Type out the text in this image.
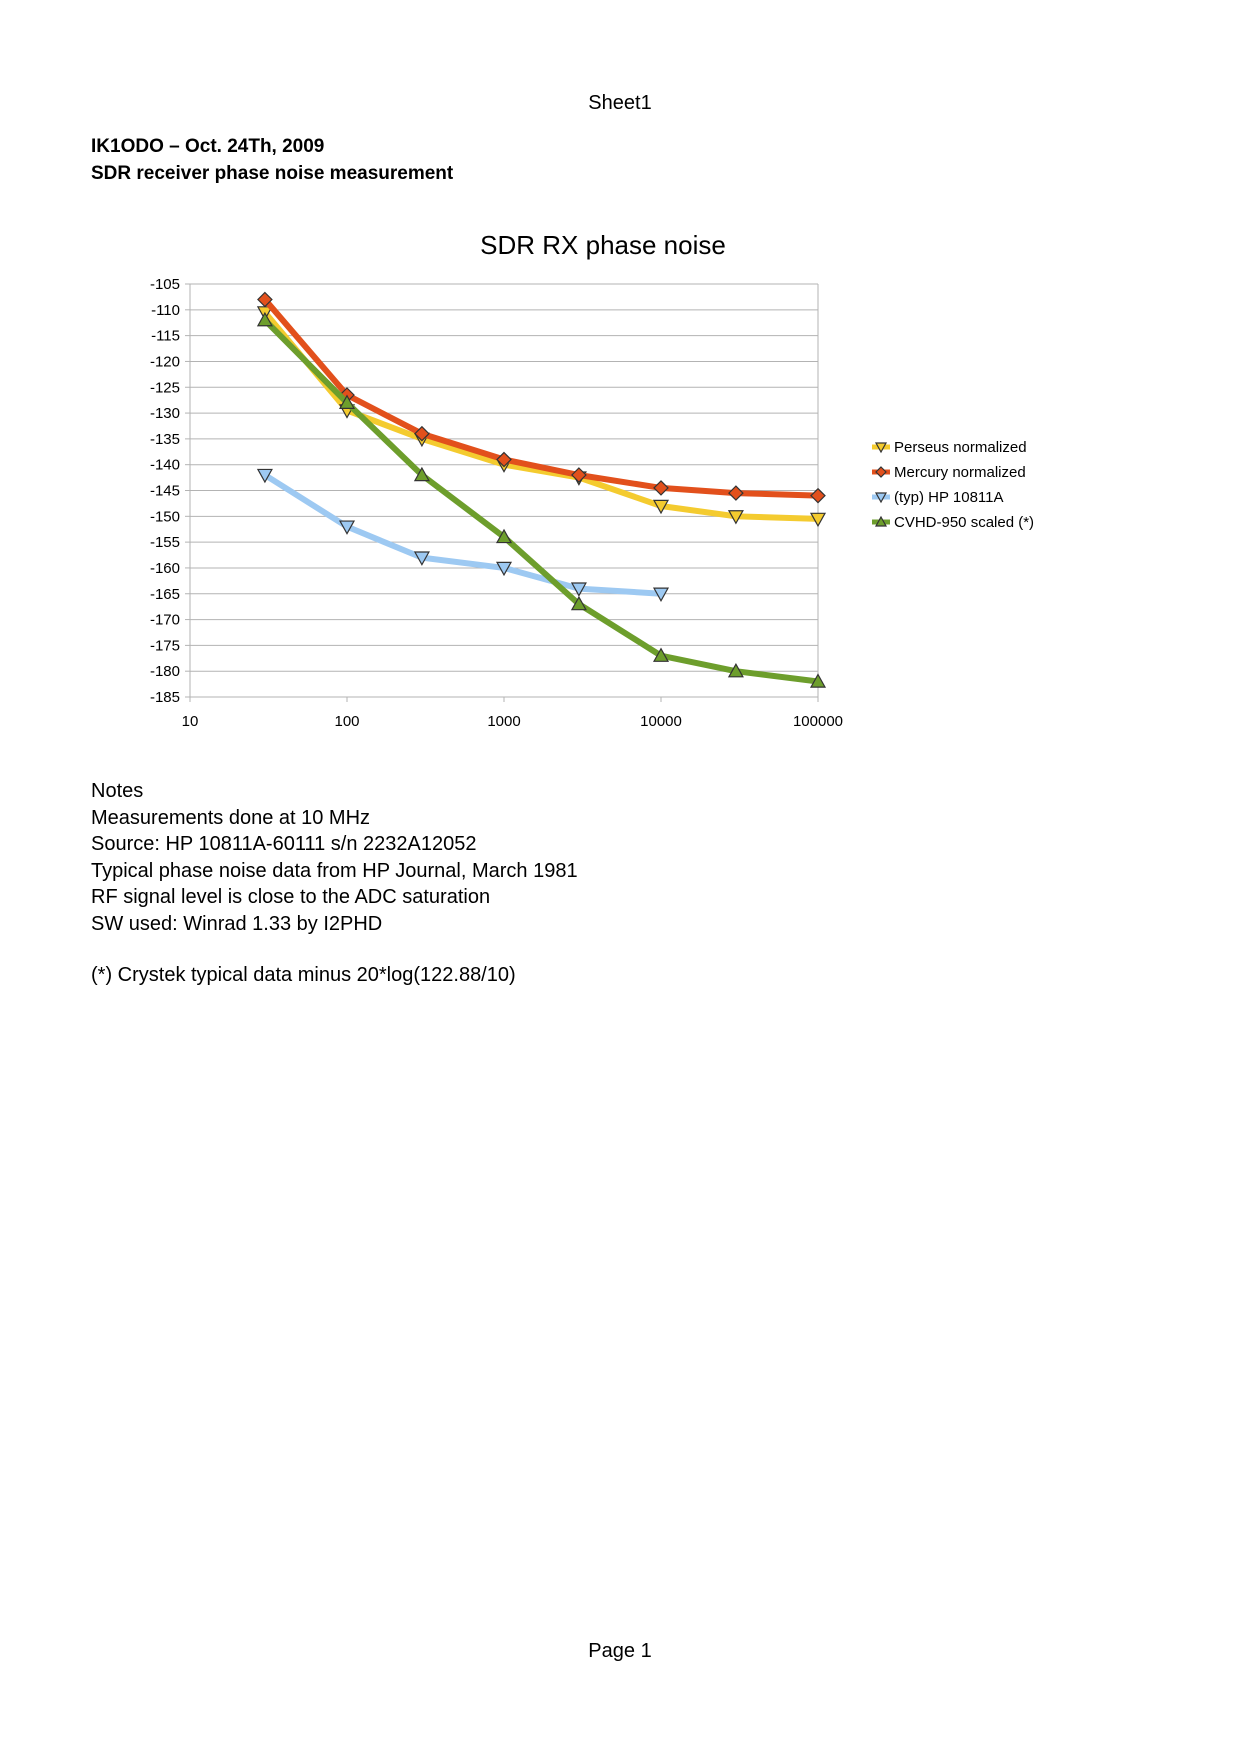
Sheet1
IK1ODO – Oct. 24Th, 2009
SDR receiver phase noise measurement
SDR RX phase noise
-105
-110
-115
-120
-125
-130
-135
-140
-145
-150
-155
-160
-165
-170
-175
-180
-185
10	100	1000	10000	100000
Perseus normalized
Mercury normalized
(typ) HP 10811A
CVHD-950 scaled (*)
Notes
Measurements done at 10 MHz
Source: HP 10811A-60111 s/n 2232A12052
Typical phase noise data from HP Journal, March 1981
RF signal level is close to the ADC saturation
SW used: Winrad 1.33 by I2PHD
(*) Crystek typical data minus 20*log(122.88/10)
Page 1
